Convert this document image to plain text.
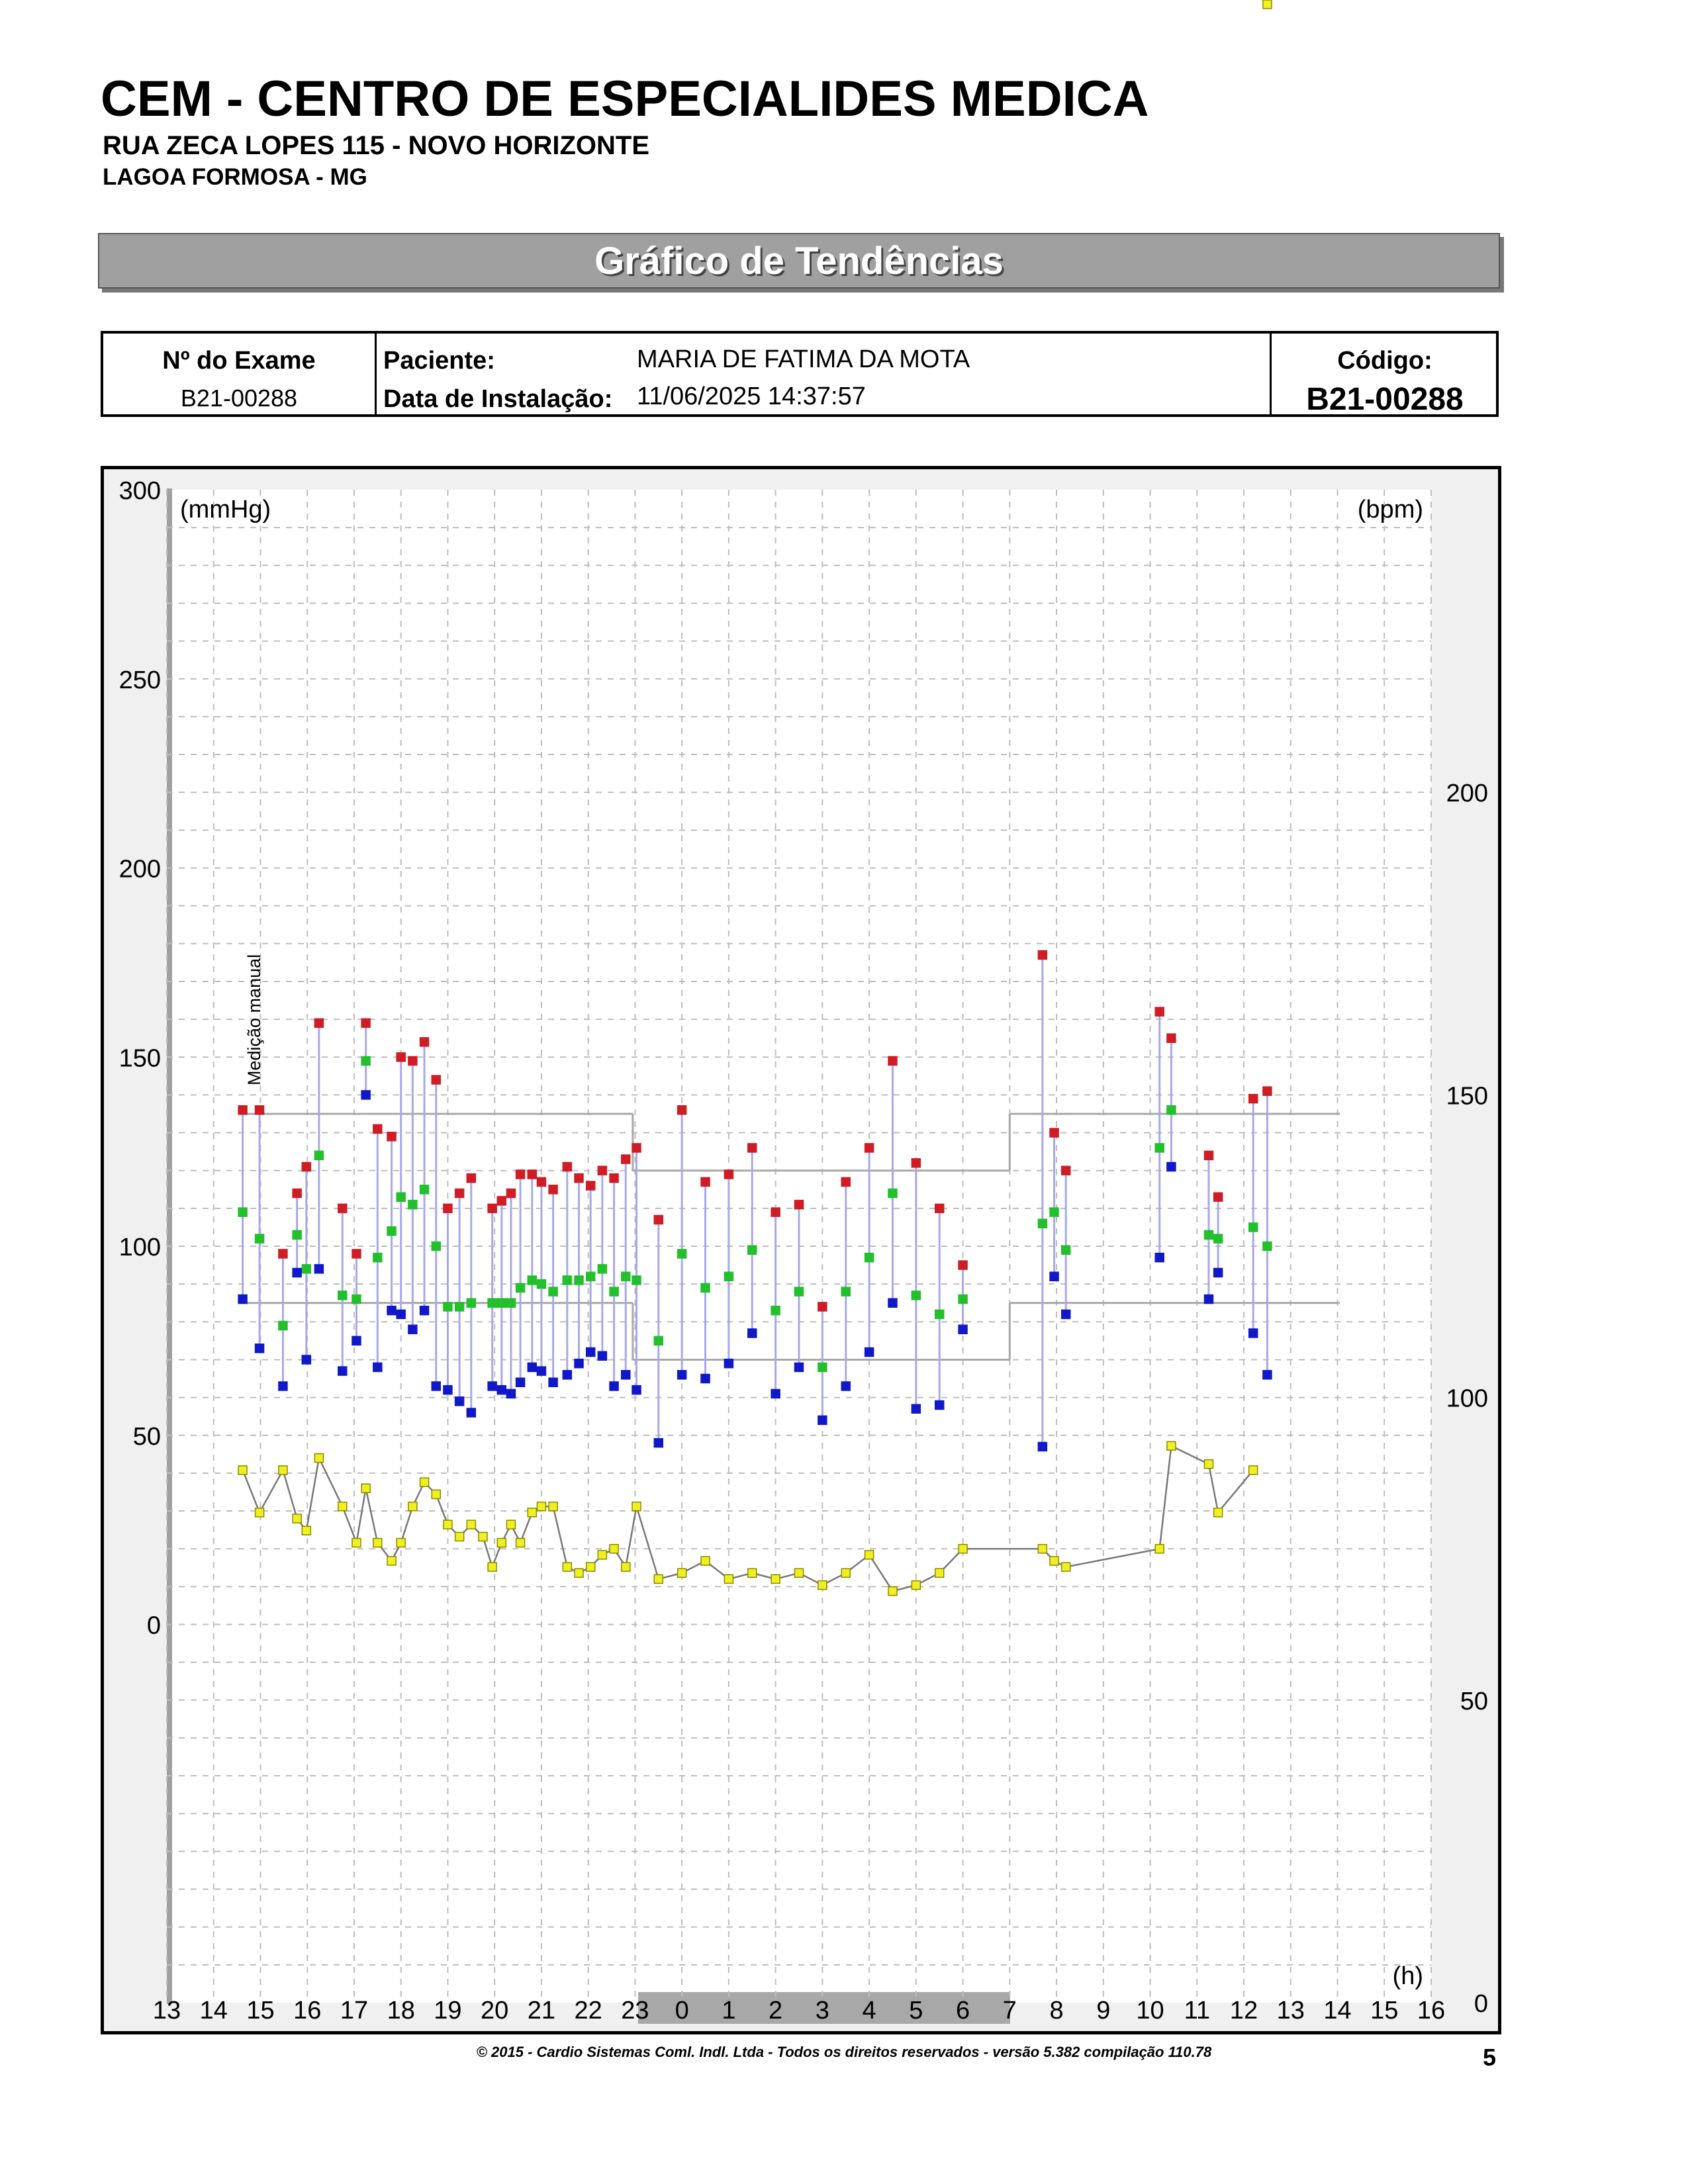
CEM - CENTRO DE ESPECIALIDES MEDICA
RUA ZECA LOPES 115 - NOVO HORIZONTE
LAGOA FORMOSA - MG
Gráfico de Tendências
Nº do Exame
B21-00288
Paciente:	MARIA DE FATIMA DA MOTA
Data de Instalação: 11/06/2025 14:37:57
Código:
B21-00288
13 14 15 16 17 18 19 20 21 22 23 0 1 2 3 4 5 6 7 8 9 10 11 12 13 14 15 16
300
250
200
150
100
50
0
200
150
100
50
0
(mmHg)	(bpm)
(h)
Medição manual
© 2015 - Cardio Sistemas Coml. Indl. Ltda - Todos os direitos reservados - versão 5.382 compilação 110.78	5
